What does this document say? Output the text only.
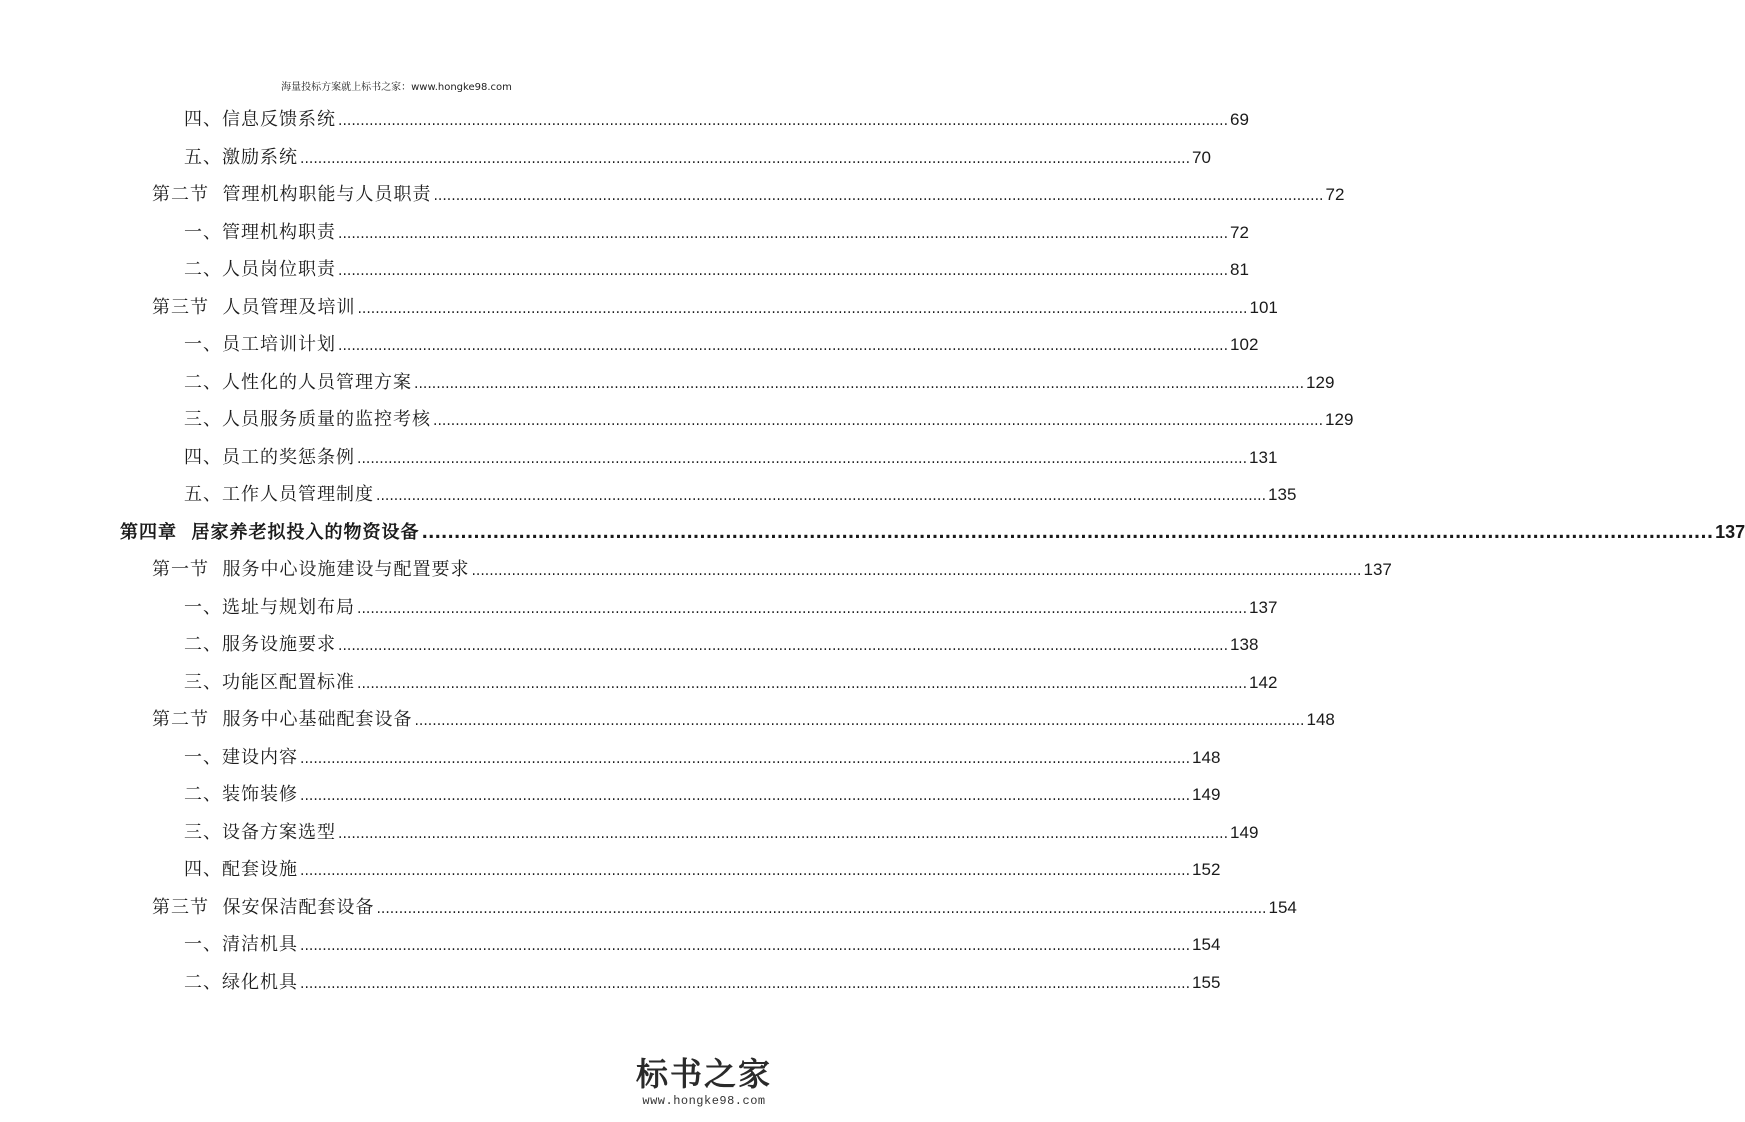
海量投标方案就上标书之家：www.hongke98.com
四、信息反馈系统 ........................................................................................................................................................................................................ 69
五、激励系统 ........................................................................................................................................................................................................ 70
第二节  管理机构职能与人员职责 ........................................................................................................................................................................................................ 72
一、管理机构职责 ........................................................................................................................................................................................................ 72
二、人员岗位职责 ........................................................................................................................................................................................................ 81
第三节  人员管理及培训 ........................................................................................................................................................................................................ 101
一、员工培训计划 ........................................................................................................................................................................................................ 102
二、人性化的人员管理方案 ........................................................................................................................................................................................................ 129
三、人员服务质量的监控考核 ........................................................................................................................................................................................................ 129
四、员工的奖惩条例 ........................................................................................................................................................................................................ 131
五、工作人员管理制度 ........................................................................................................................................................................................................ 135
第四章  居家养老拟投入的物资设备 ........................................................................................................................................................................................................ 137
第一节  服务中心设施建设与配置要求 ........................................................................................................................................................................................................ 137
一、选址与规划布局 ........................................................................................................................................................................................................ 137
二、服务设施要求 ........................................................................................................................................................................................................ 138
三、功能区配置标准 ........................................................................................................................................................................................................ 142
第二节  服务中心基础配套设备 ........................................................................................................................................................................................................ 148
一、建设内容 ........................................................................................................................................................................................................ 148
二、装饰装修 ........................................................................................................................................................................................................ 149
三、设备方案选型 ........................................................................................................................................................................................................ 149
四、配套设施 ........................................................................................................................................................................................................ 152
第三节  保安保洁配套设备 ........................................................................................................................................................................................................ 154
一、清洁机具 ........................................................................................................................................................................................................ 154
二、绿化机具 ........................................................................................................................................................................................................ 155
标书之家
www.hongke98.com
